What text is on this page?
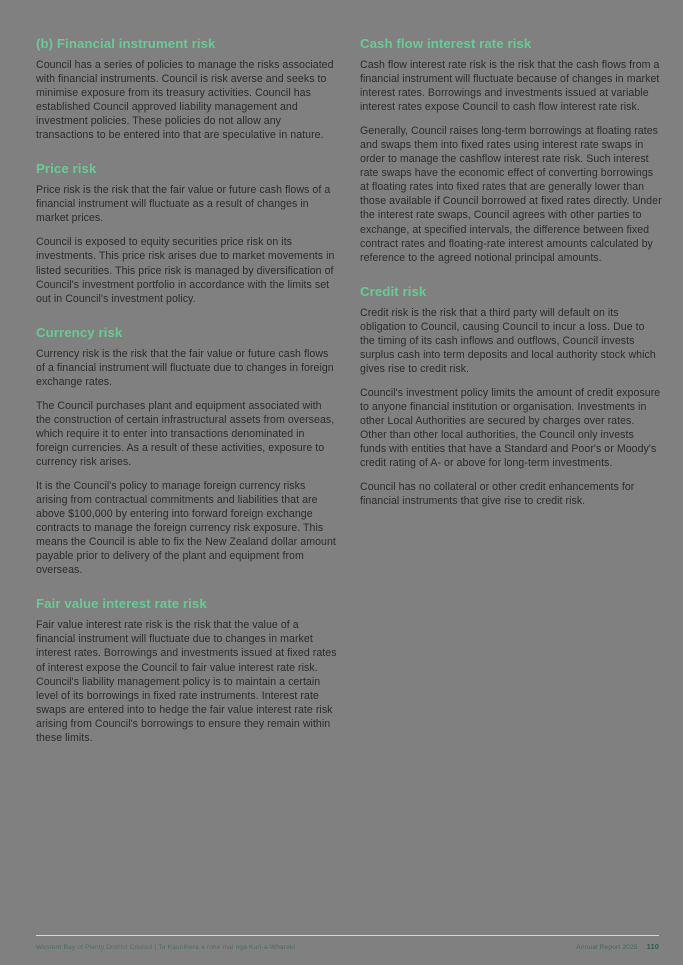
(b) Financial instrument risk

Council has a series of policies to manage the risks associated with financial instruments. Council is risk averse and seeks to minimise exposure from its treasury activities. Council has established Council approved liability management and investment policies. These policies do not allow any transactions to be entered into that are speculative in nature.

Price risk

Price risk is the risk that the fair value or future cash flows of a financial instrument will fluctuate as a result of changes in market prices.

Council is exposed to equity securities price risk on its investments. This price risk arises due to market movements in listed securities. This price risk is managed by diversification of Council's investment portfolio in accordance with the limits set out in Council's investment policy.

Currency risk

Currency risk is the risk that the fair value or future cash flows of a financial instrument will fluctuate due to changes in foreign exchange rates.

The Council purchases plant and equipment associated with the construction of certain infrastructural assets from overseas, which require it to enter into transactions denominated in foreign currencies. As a result of these activities, exposure to currency risk arises.

It is the Council's policy to manage foreign currency risks arising from contractual commitments and liabilities that are above $100,000 by entering into forward foreign exchange contracts to manage the foreign currency risk exposure. This means the Council is able to fix the New Zealand dollar amount payable prior to delivery of the plant and equipment from overseas.

Fair value interest rate risk

Fair value interest rate risk is the risk that the value of a financial instrument will fluctuate due to changes in market interest rates. Borrowings and investments issued at fixed rates of interest expose the Council to fair value interest rate risk. Council's liability management policy is to maintain a certain level of its borrowings in fixed rate instruments. Interest rate swaps are entered into to hedge the fair value interest rate risk arising from Council's borrowings to ensure they remain within these limits.

Cash flow interest rate risk

Cash flow interest rate risk is the risk that the cash flows from a financial instrument will fluctuate because of changes in market interest rates. Borrowings and investments issued at variable interest rates expose Council to cash flow interest rate risk.

Generally, Council raises long-term borrowings at floating rates and swaps them into fixed rates using interest rate swaps in order to manage the cashflow interest rate risk. Such interest rate swaps have the economic effect of converting borrowings at floating rates into fixed rates that are generally lower than those available if Council borrowed at fixed rates directly. Under the interest rate swaps, Council agrees with other parties to exchange, at specified intervals, the difference between fixed contract rates and floating-rate interest amounts calculated by reference to the agreed notional principal amounts.

Credit risk

Credit risk is the risk that a third party will default on its obligation to Council, causing Council to incur a loss. Due to the timing of its cash inflows and outflows, Council invests surplus cash into term deposits and local authority stock which gives rise to credit risk.

Council's investment policy limits the amount of credit exposure to anyone financial institution or organisation. Investments in other Local Authorities are secured by charges over rates. Other than other local authorities, the Council only invests funds with entities that have a Standard and Poor's or Moody's credit rating of A- or above for long-term investments.

Council has no collateral or other credit enhancements for financial instruments that give rise to credit risk.

Western Bay of Plenty District Council | Te Kaunihera a rohe mai nga Kuri-a-Whareki	Annual Report 2025 110
